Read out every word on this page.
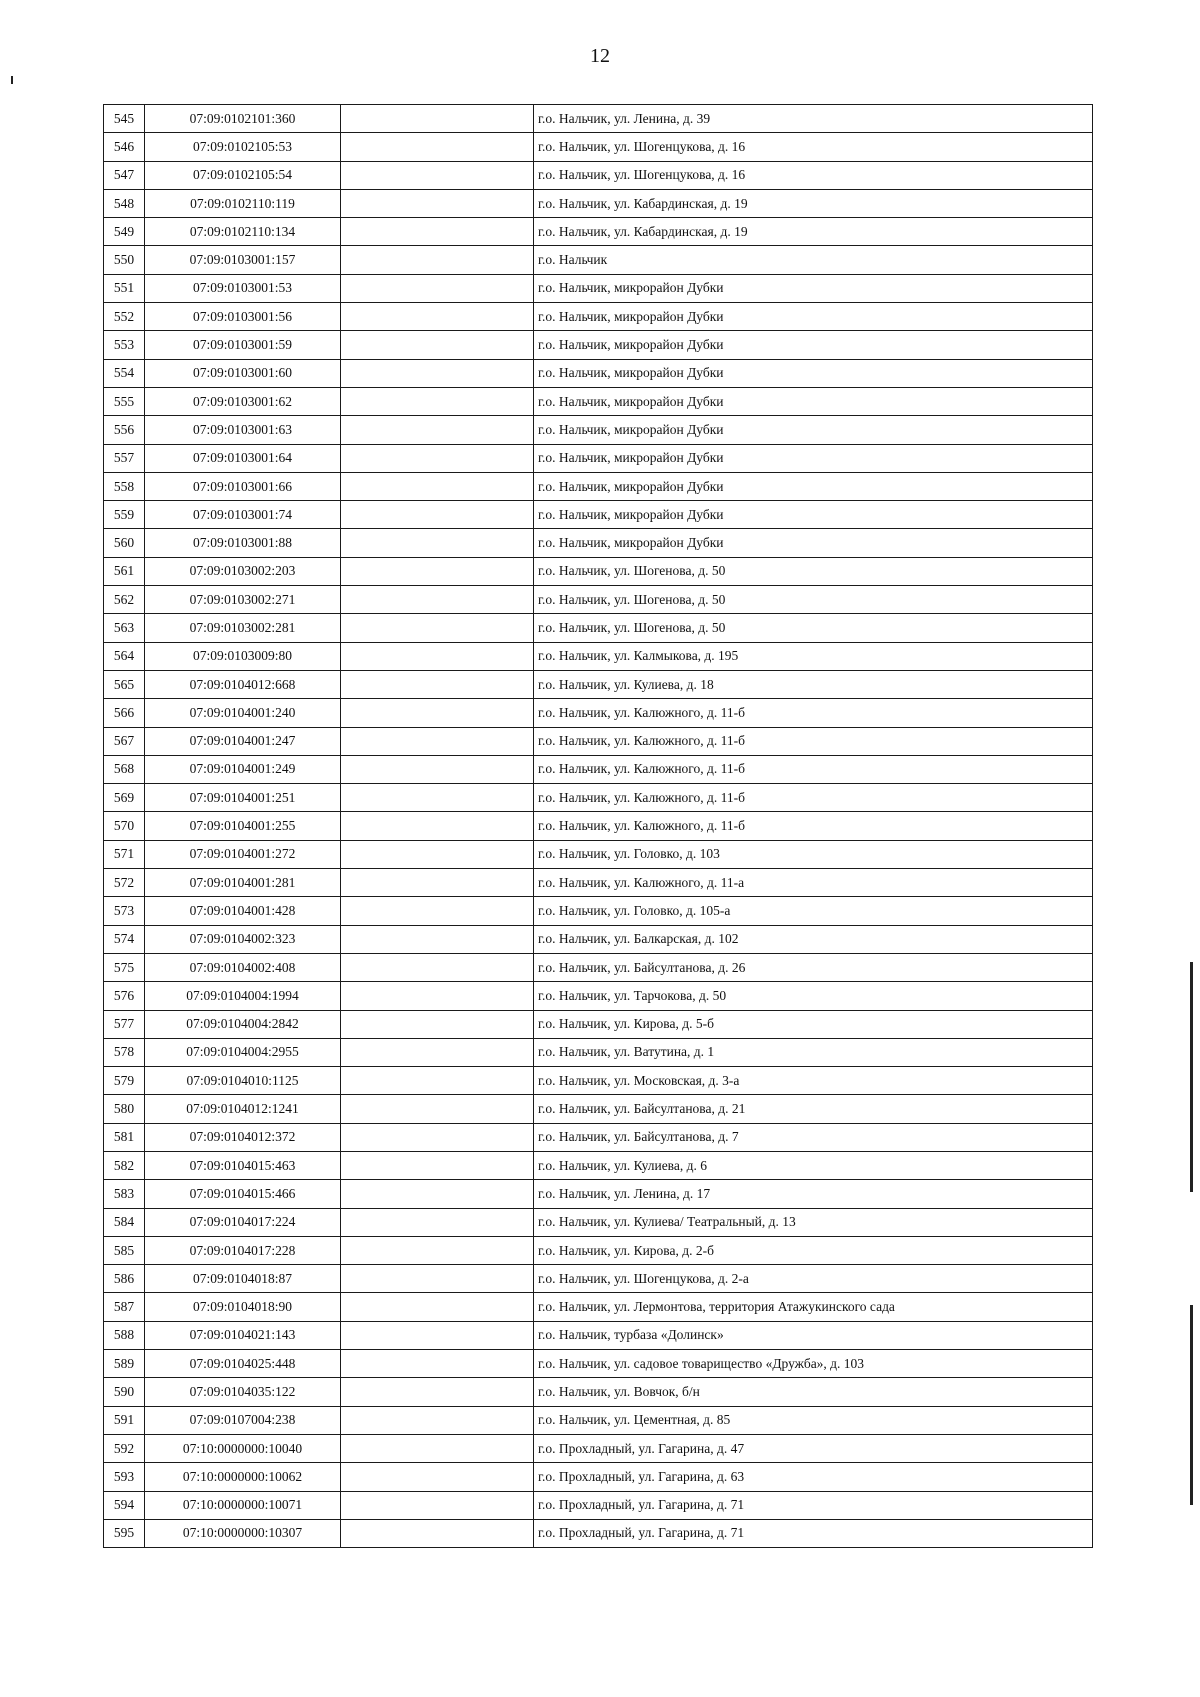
12
545	07:09:0102101:360		г.о. Нальчик, ул. Ленина, д. 39
546	07:09:0102105:53		г.о. Нальчик, ул. Шогенцукова, д. 16
547	07:09:0102105:54		г.о. Нальчик, ул. Шогенцукова, д. 16
548	07:09:0102110:119		г.о. Нальчик, ул. Кабардинская, д. 19
549	07:09:0102110:134		г.о. Нальчик, ул. Кабардинская, д. 19
550	07:09:0103001:157		г.о. Нальчик
551	07:09:0103001:53		г.о. Нальчик, микрорайон Дубки
552	07:09:0103001:56		г.о. Нальчик, микрорайон Дубки
553	07:09:0103001:59		г.о. Нальчик, микрорайон Дубки
554	07:09:0103001:60		г.о. Нальчик, микрорайон Дубки
555	07:09:0103001:62		г.о. Нальчик, микрорайон Дубки
556	07:09:0103001:63		г.о. Нальчик, микрорайон Дубки
557	07:09:0103001:64		г.о. Нальчик, микрорайон Дубки
558	07:09:0103001:66		г.о. Нальчик, микрорайон Дубки
559	07:09:0103001:74		г.о. Нальчик, микрорайон Дубки
560	07:09:0103001:88		г.о. Нальчик, микрорайон Дубки
561	07:09:0103002:203		г.о. Нальчик, ул. Шогенова, д. 50
562	07:09:0103002:271		г.о. Нальчик, ул. Шогенова, д. 50
563	07:09:0103002:281		г.о. Нальчик, ул. Шогенова, д. 50
564	07:09:0103009:80		г.о. Нальчик, ул. Калмыкова, д. 195
565	07:09:0104012:668		г.о. Нальчик, ул. Кулиева, д. 18
566	07:09:0104001:240		г.о. Нальчик, ул. Калюжного, д. 11-б
567	07:09:0104001:247		г.о. Нальчик, ул. Калюжного, д. 11-б
568	07:09:0104001:249		г.о. Нальчик, ул. Калюжного, д. 11-б
569	07:09:0104001:251		г.о. Нальчик, ул. Калюжного, д. 11-б
570	07:09:0104001:255		г.о. Нальчик, ул. Калюжного, д. 11-б
571	07:09:0104001:272		г.о. Нальчик, ул. Головко, д. 103
572	07:09:0104001:281		г.о. Нальчик, ул. Калюжного, д. 11-а
573	07:09:0104001:428		г.о. Нальчик, ул. Головко, д. 105-а
574	07:09:0104002:323		г.о. Нальчик, ул. Балкарская, д. 102
575	07:09:0104002:408		г.о. Нальчик, ул. Байсултанова, д. 26
576	07:09:0104004:1994		г.о. Нальчик, ул. Тарчокова, д. 50
577	07:09:0104004:2842		г.о. Нальчик, ул. Кирова, д. 5-б
578	07:09:0104004:2955		г.о. Нальчик, ул. Ватутина, д. 1
579	07:09:0104010:1125		г.о. Нальчик, ул. Московская, д. 3-а
580	07:09:0104012:1241		г.о. Нальчик, ул. Байсултанова, д. 21
581	07:09:0104012:372		г.о. Нальчик, ул. Байсултанова, д. 7
582	07:09:0104015:463		г.о. Нальчик, ул. Кулиева, д. 6
583	07:09:0104015:466		г.о. Нальчик, ул. Ленина, д. 17
584	07:09:0104017:224		г.о. Нальчик, ул. Кулиева/ Театральный, д. 13
585	07:09:0104017:228		г.о. Нальчик, ул. Кирова, д. 2-б
586	07:09:0104018:87		г.о. Нальчик, ул. Шогенцукова, д. 2-а
587	07:09:0104018:90		г.о. Нальчик, ул. Лермонтова, территория Атажукинского сада
588	07:09:0104021:143		г.о. Нальчик, турбаза «Долинск»
589	07:09:0104025:448		г.о. Нальчик, ул. садовое товарищество «Дружба», д. 103
590	07:09:0104035:122		г.о. Нальчик, ул. Вовчок, б/н
591	07:09:0107004:238		г.о. Нальчик, ул. Цементная, д. 85
592	07:10:0000000:10040		г.о. Прохладный, ул. Гагарина, д. 47
593	07:10:0000000:10062		г.о. Прохладный, ул. Гагарина, д. 63
594	07:10:0000000:10071		г.о. Прохладный, ул. Гагарина, д. 71
595	07:10:0000000:10307		г.о. Прохладный, ул. Гагарина, д. 71
